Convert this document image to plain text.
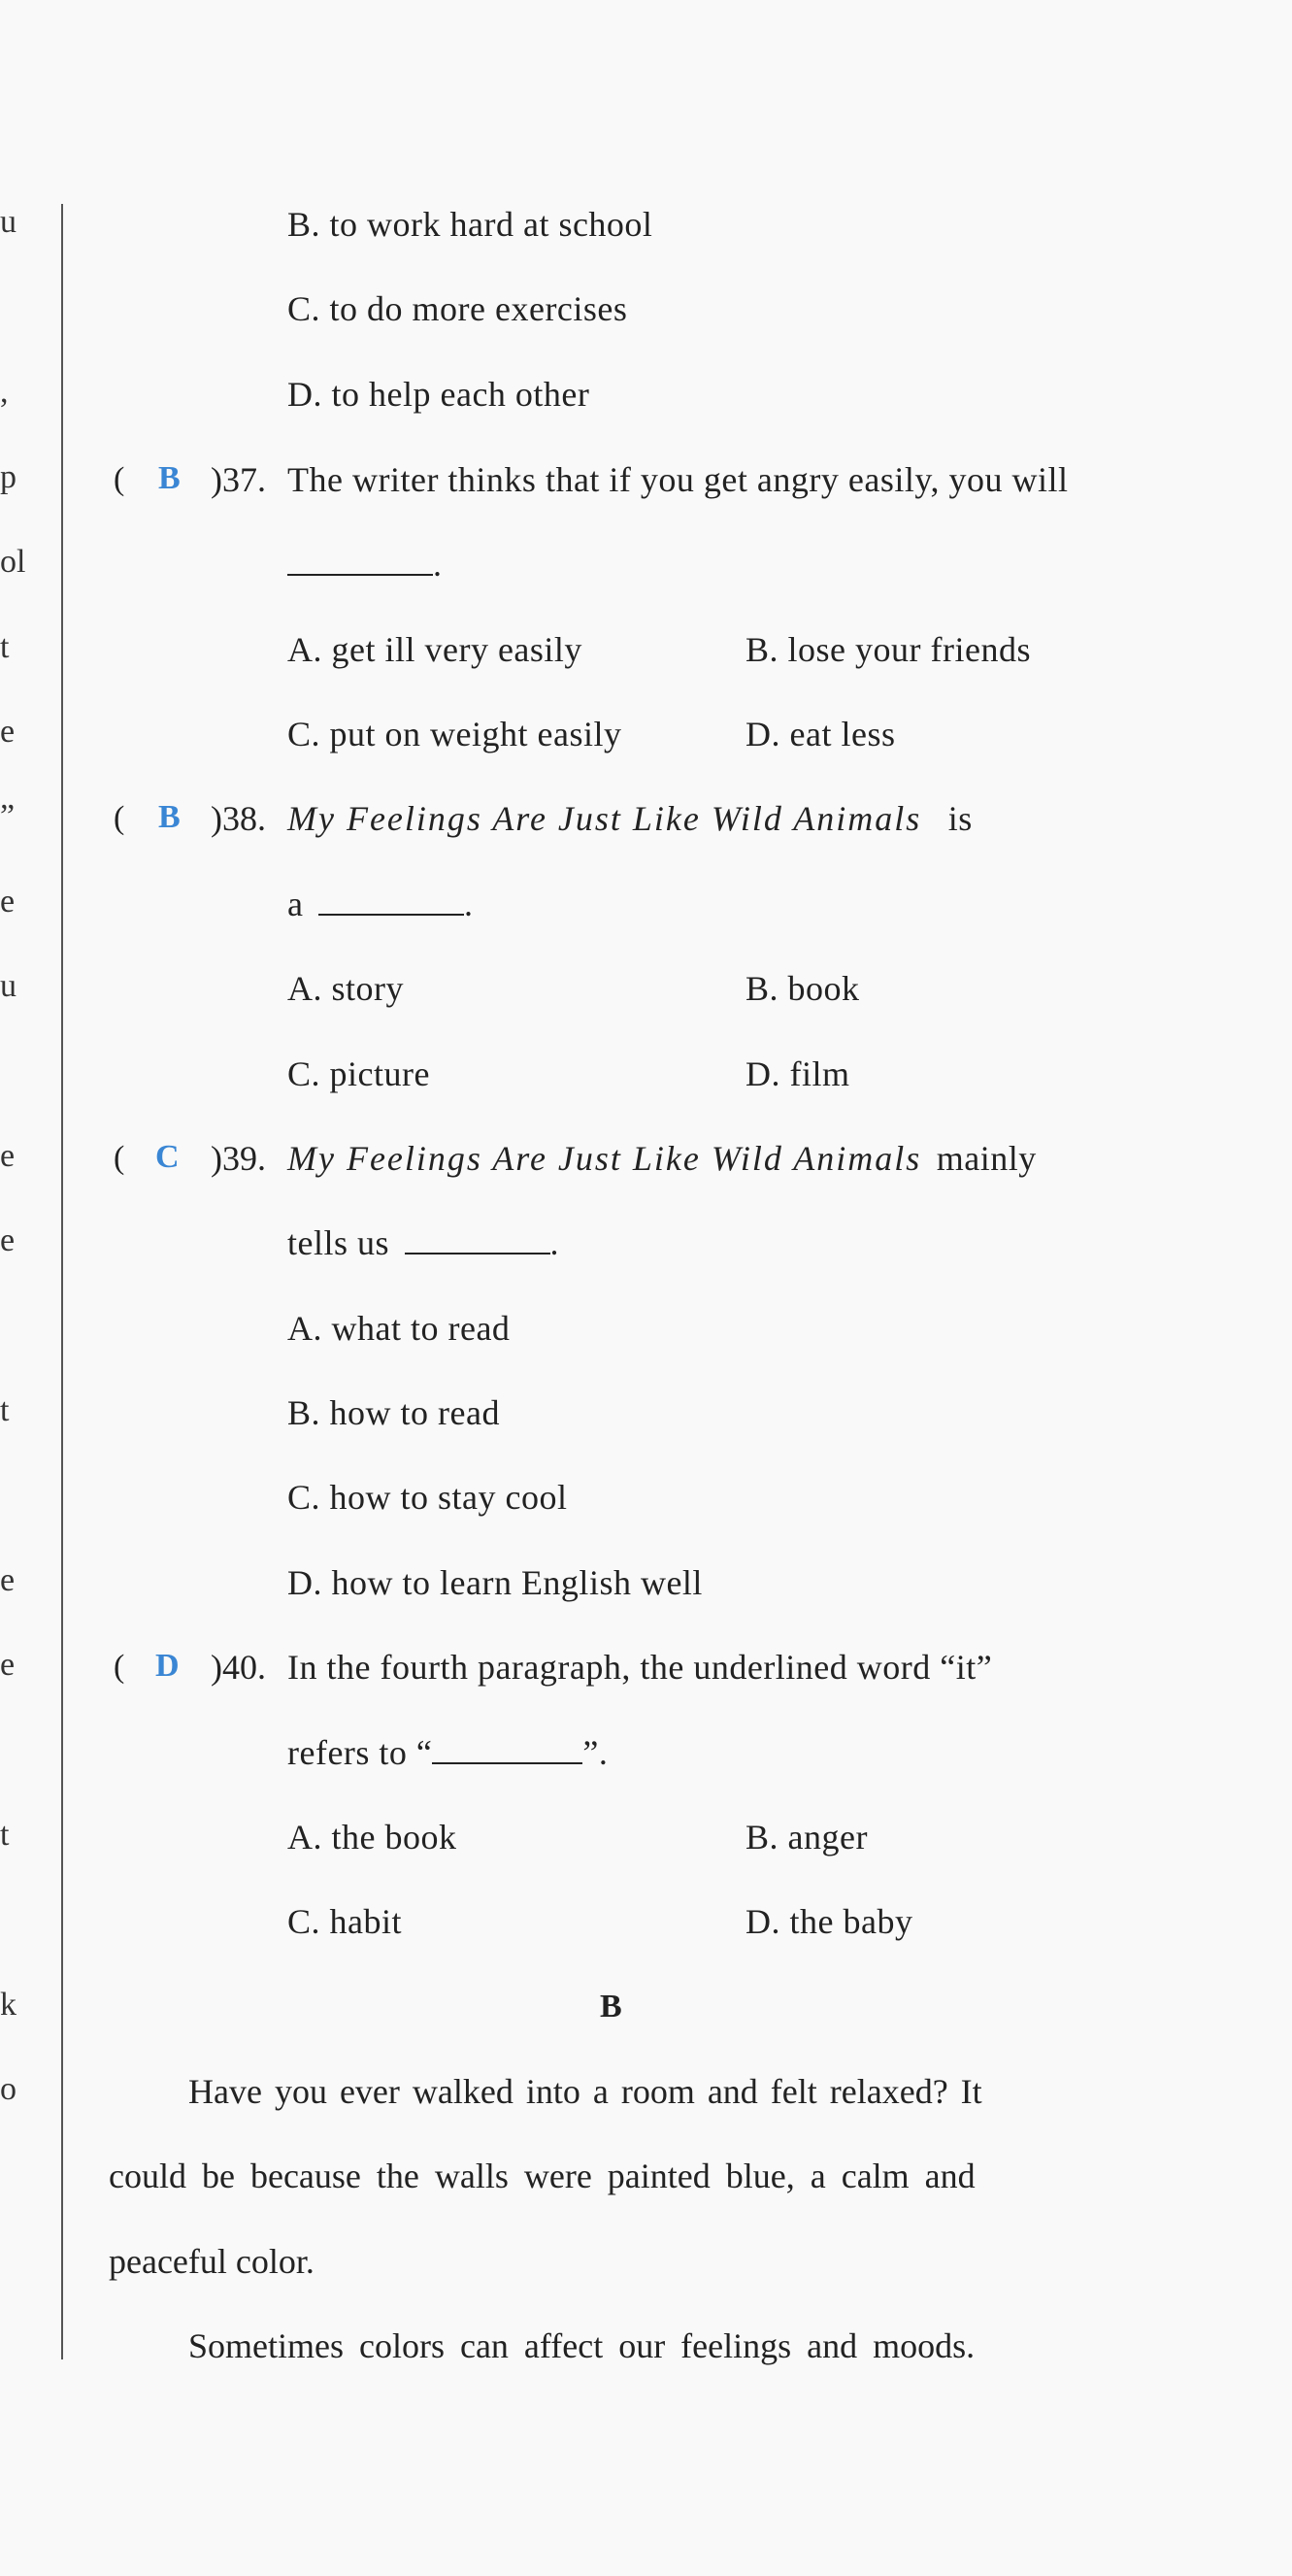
u
,
p
ol
t
e
”
e
u
e
e
t
e
e
t
k
o
B. to work hard at school
C. to do more exercises
D. to help each other
( B )37. The writer thinks that if you get angry easily, you will
.
A. get ill very easily	B. lose your friends
C. put on weight easily	D. eat less
( B )38. My Feelings Are Just Like Wild Animals is
a	.
A. story	B. book
C. picture	D. film
( C )39. My Feelings Are Just Like Wild Animals mainly
tells us	.
A. what to read
B. how to read
C. how to stay cool
D. how to learn English well
( D )40. In the fourth paragraph, the underlined word “it”
refers to “	”.
A. the book	B. anger
C. habit	D. the baby
B
Have you ever walked into a room and felt relaxed? It
could be because the walls were painted blue, a calm and
peaceful color.
Sometimes colors can affect our feelings and moods.
